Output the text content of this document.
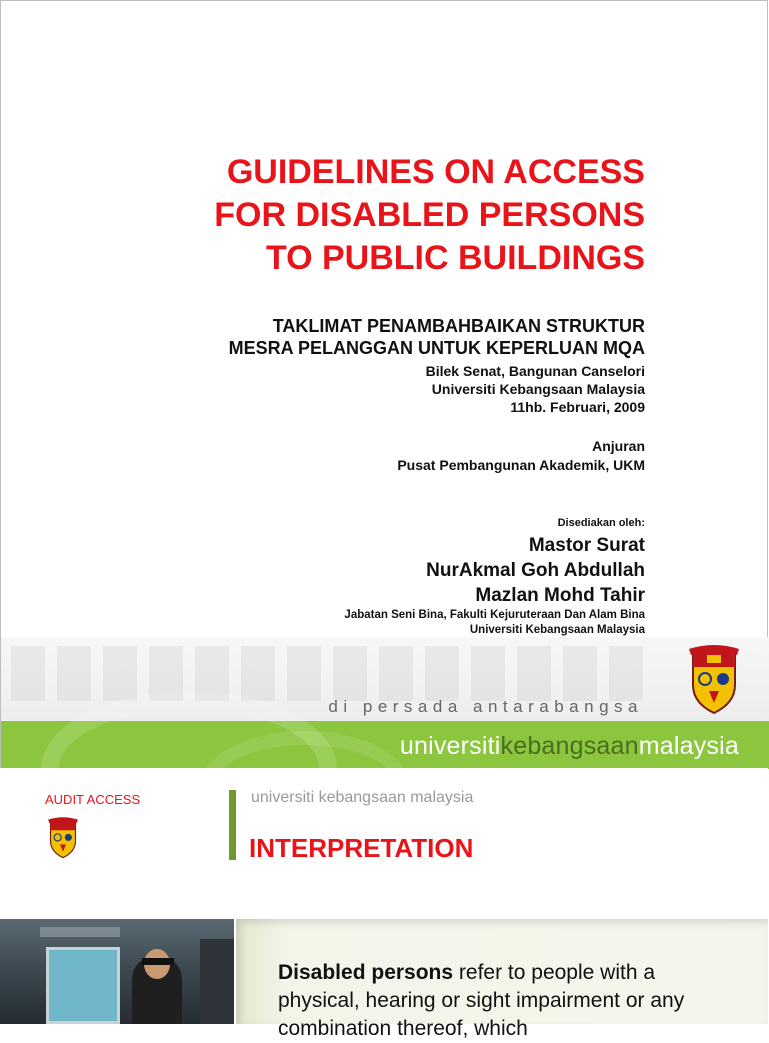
GUIDELINES ON ACCESS
FOR DISABLED PERSONS
TO PUBLIC BUILDINGS
TAKLIMAT PENAMBAHBAIKAN STRUKTUR
MESRA PELANGGAN UNTUK KEPERLUAN MQA
Bilek Senat, Bangunan Canselori
Universiti Kebangsaan Malaysia
11hb. Februari, 2009
Anjuran
Pusat Pembangunan Akademik, UKM
Disediakan oleh:
Mastor Surat
NurAkmal Goh Abdullah
Mazlan Mohd Tahir
Jabatan Seni Bina, Fakulti Kejuruteraan Dan Alam Bina
Universiti Kebangsaan Malaysia
di persada antarabangsa
universitikebangsaanmalaysia
AUDIT ACCESS	universiti kebangsaan malaysia
INTERPRETATION

Disabled persons refer to people with a physical, hearing or sight impairment or any combination thereof, which
